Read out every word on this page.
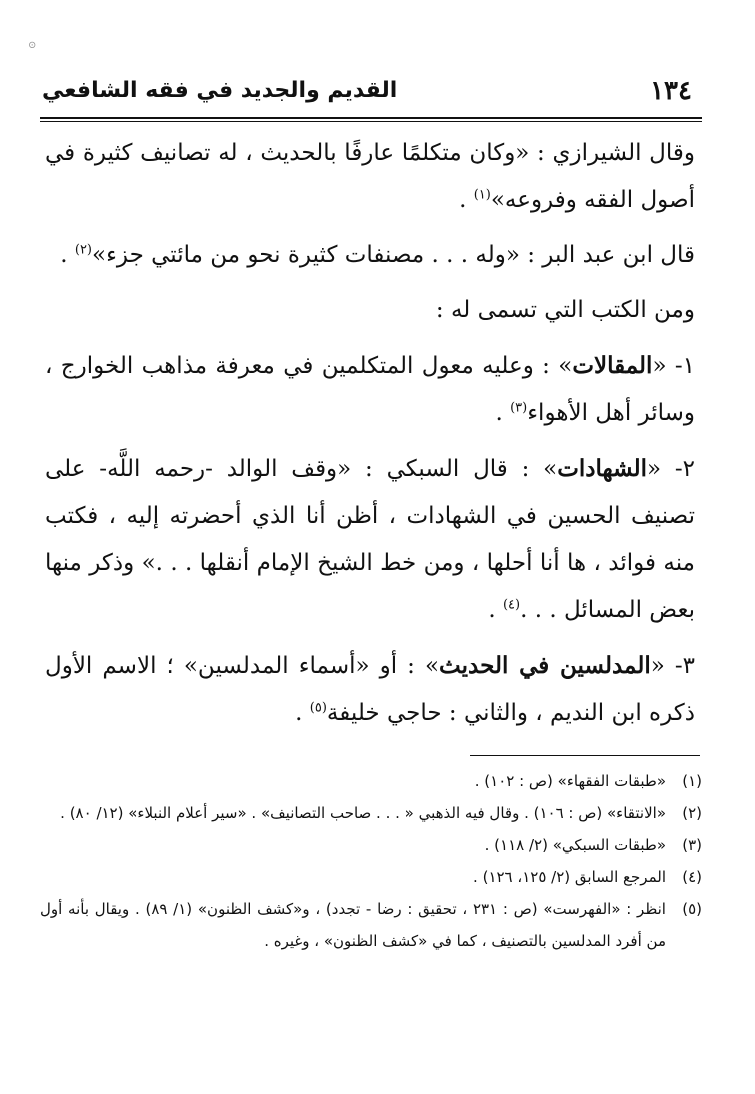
⊙
١٣٤
القديم والجديد في فقه الشافعي

وقال الشيرازي : «وكان متكلمًا عارفًا بالحديث ، له تصانيف كثيرة في أصول الفقه وفروعه»$^{(١)}$ .

قال ابن عبد البر : «وله . . . مصنفات كثيرة نحو من مائتي جزء»$^{(٢)}$ .

ومن الكتب التي تسمى له :

١- «المقالات» : وعليه معول المتكلمين في معرفة مذاهب الخوارج ، وسائر أهل الأهواء$^{(٣)}$ .

٢- «الشهادات» : قال السبكي : «وقف الوالد -رحمه اللَّه- على تصنيف الحسين في الشهادات ، أظن أنا الذي أحضرته إليه ، فكتب منه فوائد ، ها أنا أحلها ، ومن خط الشيخ الإمام أنقلها . . .» وذكر منها بعض المسائل . . .$^{(٤)}$ .

٣- «المدلسين في الحديث» : أو «أسماء المدلسين» ؛ الاسم الأول ذكره ابن النديم ، والثاني : حاجي خليفة$^{(٥)}$ .

(١)«طبقات الفقهاء» (ص : ١٠٢) .

(٢)«الانتقاء» (ص : ١٠٦) . وقال فيه الذهبي « . . . صاحب التصانيف» . «سير أعلام النبلاء» (١٢/ ٨٠) .

(٣)«طبقات السبكي» (٢/ ١١٨) .

(٤)المرجع السابق (٢/ ١٢٥، ١٢٦) .

(٥)انظر : «الفهرست» (ص : ٢٣١ ، تحقيق : رضا - تجدد) ، و«كشف الظنون» (١/ ٨٩) . ويقال بأنه أول من أفرد المدلسين بالتصنيف ، كما في «كشف الظنون» ، وغيره .
